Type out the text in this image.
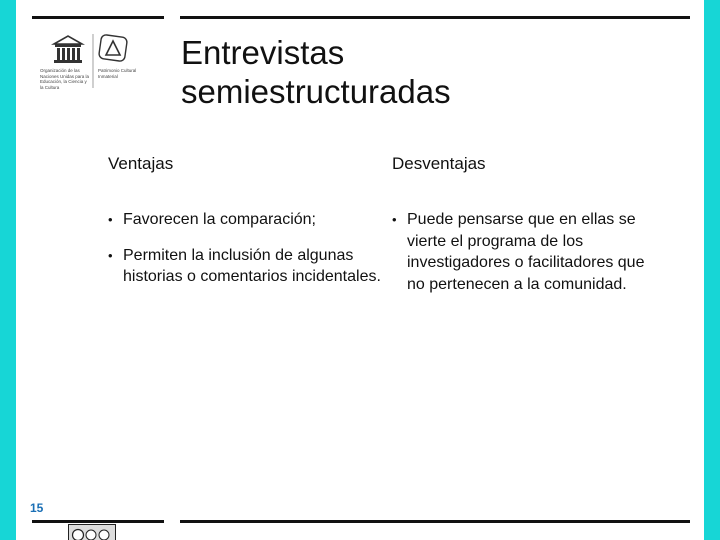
Organización de las Naciones Unidas para la Educación, la Ciencia y la Cultura
Patrimonio Cultural Inmaterial
Entrevistas semiestructuradas
Ventajas
• Favorecen la comparación;
• Permiten la inclusión de algunas historias o comentarios incidentales.
Desventajas
• Puede pensarse que en ellas se vierte el programa de los investigadores o facilitadores que no pertenecen a la comunidad.
15
